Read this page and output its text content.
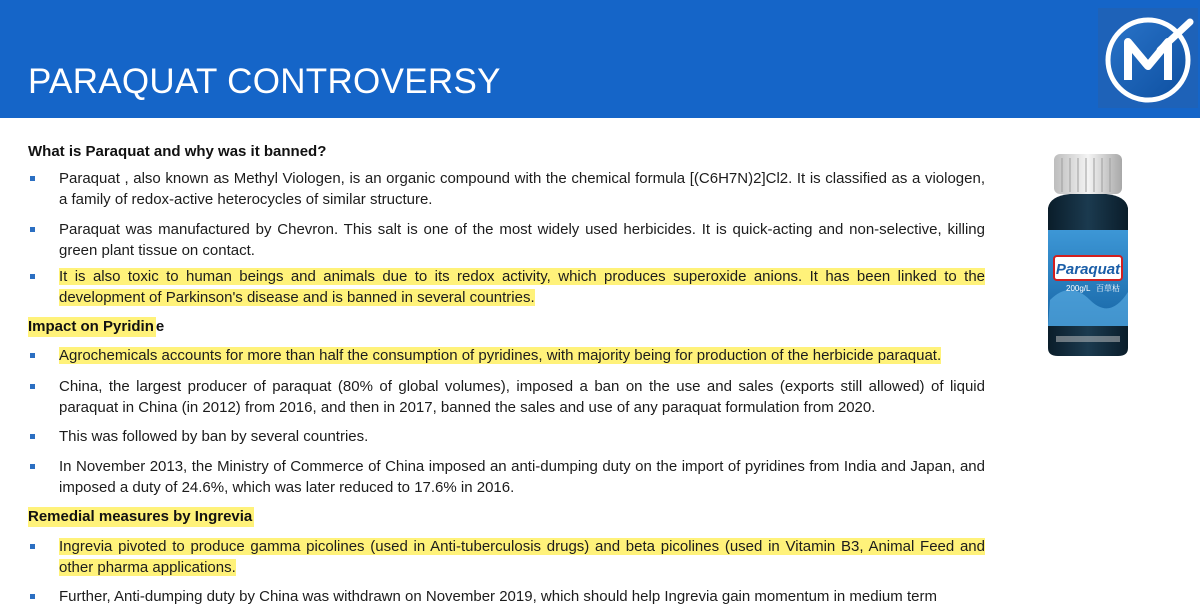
PARAQUAT CONTROVERSY
M
What is Paraquat and why was it banned?
Paraquat , also known as Methyl Viologen, is an organic compound with the chemical formula [(C6H7N)2]Cl2. It is classified as a viologen, a family of redox-active heterocycles of similar structure.
Paraquat was manufactured by Chevron. This salt is one of the most widely used herbicides. It is quick-acting and non-selective, killing green plant tissue on contact.
It is also toxic to human beings and animals due to its redox activity, which produces superoxide anions. It has been linked to the development of Parkinson's disease and is banned in several countries.
Impact on Pyridin e
Agrochemicals accounts for more than half the consumption of pyridines, with majority being for production of the herbicide paraquat.
China, the largest producer of paraquat (80% of global volumes), imposed a ban on the use and sales (exports still allowed) of liquid paraquat in China (in 2012) from 2016, and then in 2017, banned the sales and use of any paraquat formulation from 2020.
This was followed by ban by several countries.
In November 2013, the Ministry of Commerce of China imposed an anti-dumping duty on the import of pyridines from India and Japan, and imposed a duty of 24.6%, which was later reduced to 17.6% in 2016.
Remedial measures by Ingrevia
Ingrevia pivoted to produce gamma picolines (used in Anti-tuberculosis drugs) and beta picolines (used in Vitamin B3, Animal Feed and other pharma applications.
Further, Anti-dumping duty by China was withdrawn on November 2019, which should help Ingrevia gain momentum in medium term
Paraquat
200g/L 百草枯
